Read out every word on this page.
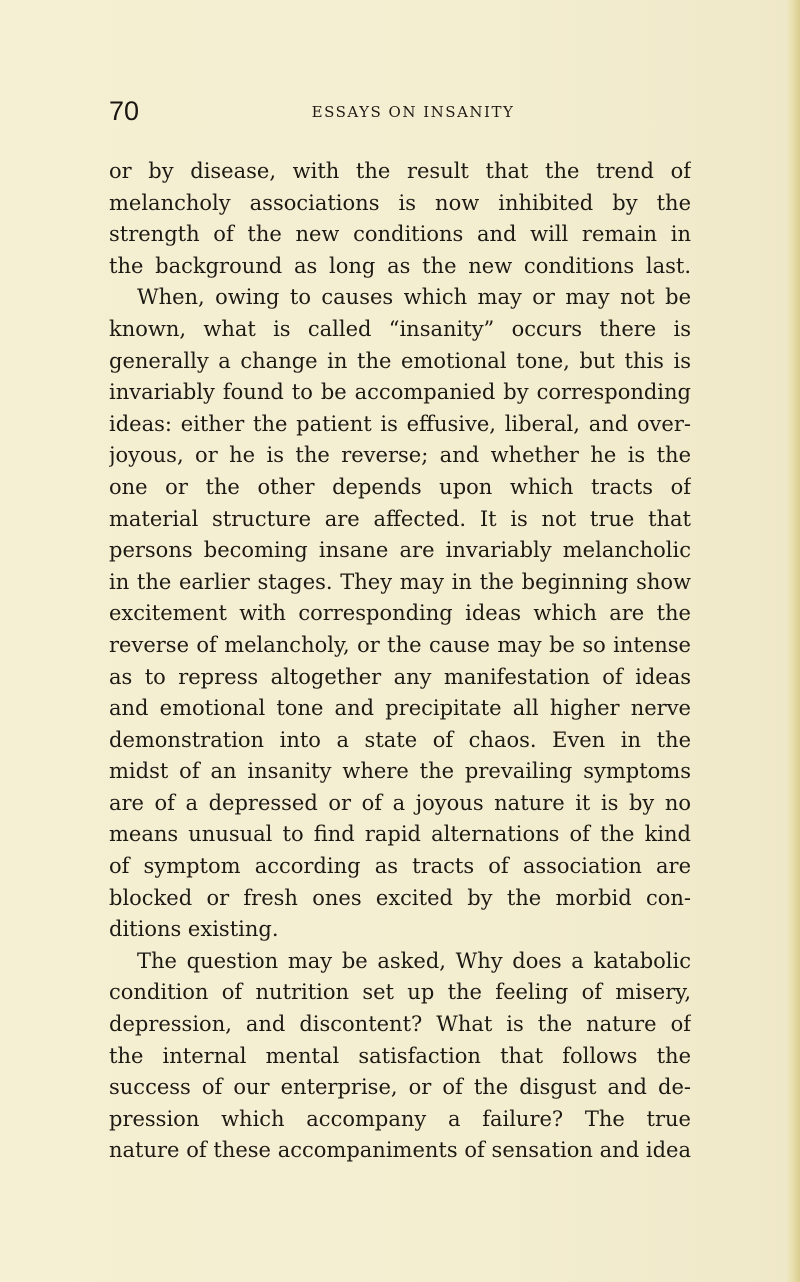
70	ESSAYS ON INSANITY
or by disease, with the result that the trend of
melancholy associations is now inhibited by the
strength of the new conditions and will remain in
the background as long as the new conditions last.
When, owing to causes which may or may not be
known, what is called “insanity” occurs there is
generally a change in the emotional tone, but this is
invariably found to be accompanied by corresponding
ideas: either the patient is effusive, liberal, and over-
joyous, or he is the reverse; and whether he is the
one or the other depends upon which tracts of
material structure are affected. It is not true that
persons becoming insane are invariably melancholic
in the earlier stages. They may in the beginning show
excitement with corresponding ideas which are the
reverse of melancholy, or the cause may be so intense
as to repress altogether any manifestation of ideas
and emotional tone and precipitate all higher nerve
demonstration into a state of chaos. Even in the
midst of an insanity where the prevailing symptoms
are of a depressed or of a joyous nature it is by no
means unusual to find rapid alternations of the kind
of symptom according as tracts of association are
blocked or fresh ones excited by the morbid con-
ditions existing.
The question may be asked, Why does a katabolic
condition of nutrition set up the feeling of misery,
depression, and discontent? What is the nature of
the internal mental satisfaction that follows the
success of our enterprise, or of the disgust and de-
pression which accompany a failure? The true
nature of these accompaniments of sensation and idea
